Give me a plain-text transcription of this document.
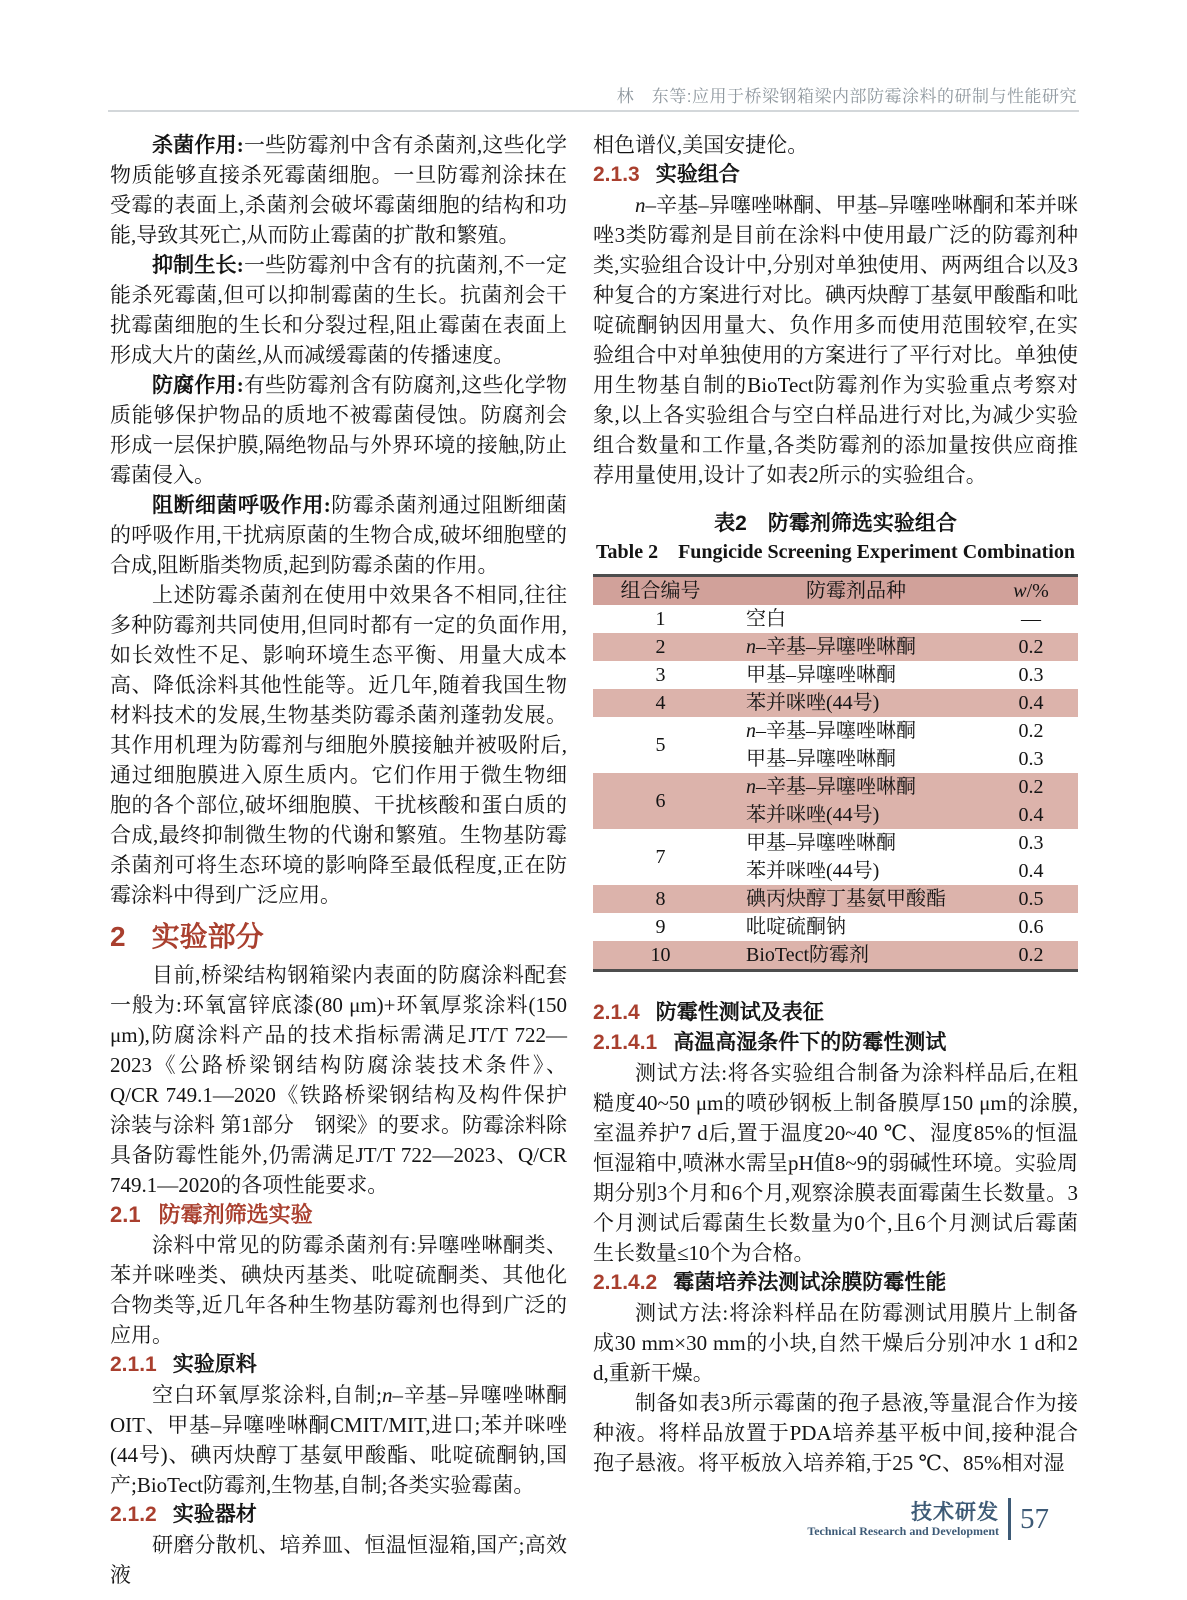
林　东等:应用于桥梁钢箱梁内部防霉涂料的研制与性能研究

杀菌作用:一些防霉剂中含有杀菌剂,这些化学物质能够直接杀死霉菌细胞。一旦防霉剂涂抹在受霉的表面上,杀菌剂会破坏霉菌细胞的结构和功能,导致其死亡,从而防止霉菌的扩散和繁殖。

抑制生长:一些防霉剂中含有的抗菌剂,不一定能杀死霉菌,但可以抑制霉菌的生长。抗菌剂会干扰霉菌细胞的生长和分裂过程,阻止霉菌在表面上形成大片的菌丝,从而减缓霉菌的传播速度。

防腐作用:有些防霉剂含有防腐剂,这些化学物质能够保护物品的质地不被霉菌侵蚀。防腐剂会形成一层保护膜,隔绝物品与外界环境的接触,防止霉菌侵入。

阻断细菌呼吸作用:防霉杀菌剂通过阻断细菌的呼吸作用,干扰病原菌的生物合成,破坏细胞壁的合成,阻断脂类物质,起到防霉杀菌的作用。

上述防霉杀菌剂在使用中效果各不相同,往往多种防霉剂共同使用,但同时都有一定的负面作用,如长效性不足、影响环境生态平衡、用量大成本高、降低涂料其他性能等。近几年,随着我国生物材料技术的发展,生物基类防霉杀菌剂蓬勃发展。其作用机理为防霉剂与细胞外膜接触并被吸附后,通过细胞膜进入原生质内。它们作用于微生物细胞的各个部位,破坏细胞膜、干扰核酸和蛋白质的合成,最终抑制微生物的代谢和繁殖。生物基防霉杀菌剂可将生态环境的影响降至最低程度,正在防霉涂料中得到广泛应用。

2 实验部分

目前,桥梁结构钢箱梁内表面的防腐涂料配套一般为:环氧富锌底漆(80 μm)+环氧厚浆涂料(150 μm),防腐涂料产品的技术指标需满足JT/T 722—2023《公路桥梁钢结构防腐涂装技术条件》、Q/CR 749.1—2020《铁路桥梁钢结构及构件保护涂装与涂料 第1部分　钢梁》的要求。防霉涂料除具备防霉性能外,仍需满足JT/T 722—2023、Q/CR 749.1—2020的各项性能要求。

2.1 防霉剂筛选实验

涂料中常见的防霉杀菌剂有:异噻唑啉酮类、苯并咪唑类、碘炔丙基类、吡啶硫酮类、其他化合物类等,近几年各种生物基防霉剂也得到广泛的应用。

2.1.1 实验原料

空白环氧厚浆涂料,自制;n–辛基–异噻唑啉酮OIT、甲基–异噻唑啉酮CMIT/MIT,进口;苯并咪唑(44号)、碘丙炔醇丁基氨甲酸酯、吡啶硫酮钠,国产;BioTect防霉剂,生物基,自制;各类实验霉菌。

2.1.2 实验器材

研磨分散机、培养皿、恒温恒湿箱,国产;高效液

相色谱仪,美国安捷伦。

2.1.3 实验组合

n–辛基–异噻唑啉酮、甲基–异噻唑啉酮和苯并咪唑3类防霉剂是目前在涂料中使用最广泛的防霉剂种类,实验组合设计中,分别对单独使用、两两组合以及3种复合的方案进行对比。碘丙炔醇丁基氨甲酸酯和吡啶硫酮钠因用量大、负作用多而使用范围较窄,在实验组合中对单独使用的方案进行了平行对比。单独使用生物基自制的BioTect防霉剂作为实验重点考察对象,以上各实验组合与空白样品进行对比,为减少实验组合数量和工作量,各类防霉剂的添加量按供应商推荐用量使用,设计了如表2所示的实验组合。

表2　防霉剂筛选实验组合

Table 2　Fungicide Screening Experiment Combination

组合编号	防霉剂品种	w/%
1	空白	—
2	n–辛基–异噻唑啉酮	0.2
3	甲基–异噻唑啉酮	0.3
4	苯并咪唑(44号)	0.4
5	n–辛基–异噻唑啉酮	0.2
	甲基–异噻唑啉酮	0.3
6	n–辛基–异噻唑啉酮	0.2
	苯并咪唑(44号)	0.4
7	甲基–异噻唑啉酮	0.3
	苯并咪唑(44号)	0.4
8	碘丙炔醇丁基氨甲酸酯	0.5
9	吡啶硫酮钠	0.6
10	BioTect防霉剂	0.2
2.1.4 防霉性测试及表征
2.1.4.1 高温高湿条件下的防霉性测试

测试方法:将各实验组合制备为涂料样品后,在粗糙度40~50 μm的喷砂钢板上制备膜厚150 μm的涂膜,室温养护7 d后,置于温度20~40 ℃、湿度85%的恒温恒湿箱中,喷淋水需呈pH值8~9的弱碱性环境。实验周期分别3个月和6个月,观察涂膜表面霉菌生长数量。3个月测试后霉菌生长数量为0个,且6个月测试后霉菌生长数量≤10个为合格。

2.1.4.2 霉菌培养法测试涂膜防霉性能

测试方法:将涂料样品在防霉测试用膜片上制备成30 mm×30 mm的小块,自然干燥后分别冲水 1 d和2 d,重新干燥。

制备如表3所示霉菌的孢子悬液,等量混合作为接种液。将样品放置于PDA培养基平板中间,接种混合孢子悬液。将平板放入培养箱,于25 ℃、85%相对湿

技术研发
Technical Research and Development 57
